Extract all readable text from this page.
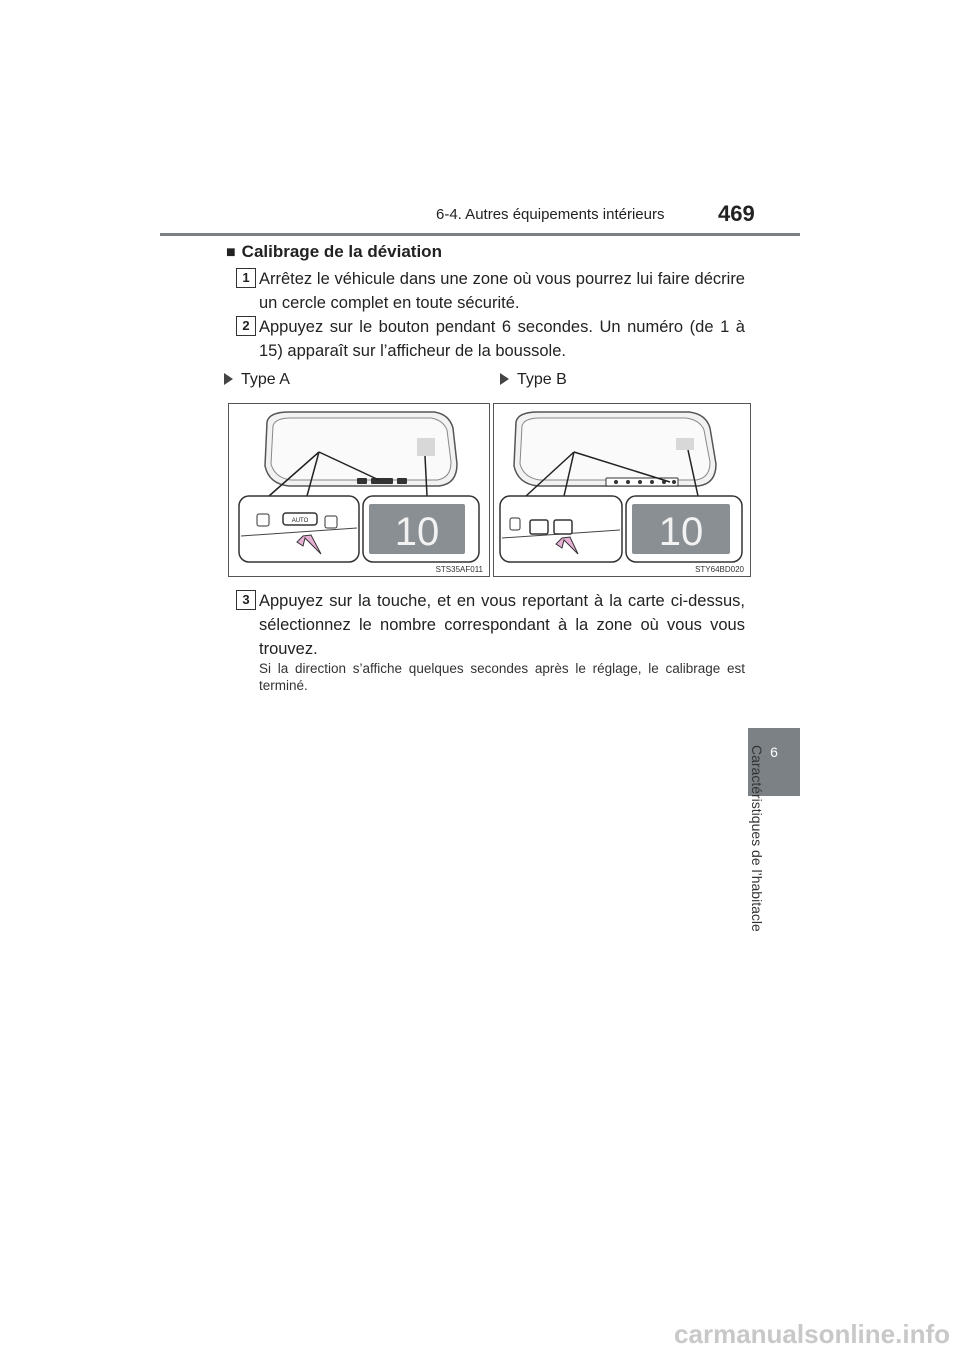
6-4. Autres équipements intérieurs 469
6
Caractéristiques de l’habitacle
■ Calibrage de la déviation
1 Arrêtez le véhicule dans une zone où vous pourrez lui faire décrire un cercle complet en toute sécurité.
2 Appuyez sur le bouton pendant 6 secondes. Un numéro (de 1 à 15) apparaît sur l’afficheur de la boussole.
Type A	Type B
AUTO 10
STS35AF011
10
STY64BD020
3 Appuyez sur la touche, et en vous reportant à la carte ci-dessus, sélectionnez le nombre correspondant à la zone où vous vous trouvez.
Si la direction s’affiche quelques secondes après le réglage, le calibrage est terminé.
carmanualsonline.info
